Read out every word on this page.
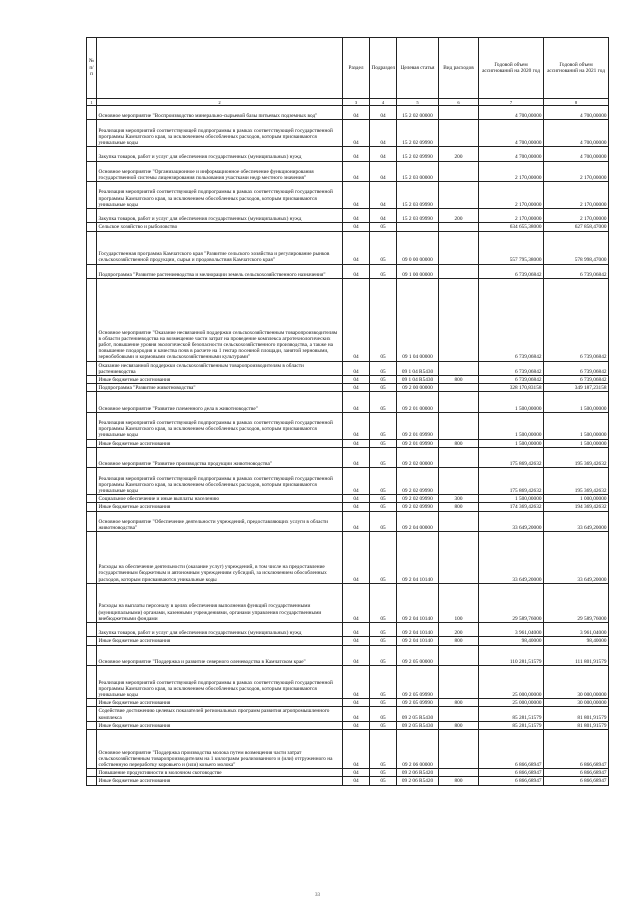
№ п/п		Раздел	Подраздел	Целевая статья	Вид расходов	Годовой объем ассигнований на 2020 год	Годовой объем ассигнований на 2021 год
1	2	3	4	5	6	7	8
	Основное мероприятие "Воспроизводство минерально-сырьевой базы питьевых подземных вод"	04	04	15 2 02 00000		4 700,00000	4 700,00000
	Реализация мероприятий соответствующей подпрограммы в рамках соответствующей государственной программы Камчатского края, за исключением обособленных расходов, которым присваиваются уникальные коды	04	04	15 2 02 09990		4 700,00000	4 700,00000
	Закупка товаров, работ и услуг для обеспечения государственных (муниципальных) нужд	04	04	15 2 02 09990	200	4 700,00000	4 700,00000
	Основное мероприятие "Организационное и информационное обеспечение функционирования государственной системы лицензирования пользования участками недр местного значения"	04	04	15 2 03 00000		2 170,00000	2 170,00000
	Реализация мероприятий соответствующей подпрограммы в рамках соответствующей государственной программы Камчатского края, за исключением обособленных расходов, которым присваиваются уникальные коды	04	04	15 2 03 09990		2 170,00000	2 170,00000
	Закупка товаров, работ и услуг для обеспечения государственных (муниципальных) нужд	04	04	15 2 03 09990	200	2 170,00000	2 170,00000
	Сельское хозяйство и рыболовство	04	05			634 655,38000	627 858,47000
	Государственная программа Камчатского края "Развитие сельского хозяйства и регулирование рынков сельскохозяйственной продукции, сырья и продовольствия Камчатского края"	04	05	09 0 00 00000		557 795,38000	578 998,47000
	Подпрограмма "Развитие растениеводства и мелиорации земель сельскохозяйственного назначения"	04	05	09 1 00 00000		6 739,06842	6 739,06842
	Основное мероприятие "Оказание несвязанной поддержки сельскохозяйственным товаропроизводителям в области растениеводства на возмещение части затрат на проведение комплекса агротехнологических работ, повышение уровня экологической безопасности сельскохозяйственного производства, а также на повышение плодородия и качества почв в расчете на 1 гектар посевной площади, занятой зерновыми, зернобобовыми и кормовыми сельскохозяйственными культурами"	04	05	09 1 04 00000		6 739,06842	6 739,06842
	Оказание несвязанной поддержки сельскохозяйственным товаропроизводителям в области растениеводства	04	05	09 1 04 R5430		6 739,06842	6 739,06842
	Иные бюджетные ассигнования	04	05	09 1 04 R5430	800	6 739,06842	6 739,06842
	Подпрограмма "Развитие животноводства"	04	05	09 2 00 00000		328 170,83158	349 187,23158
	Основное мероприятие "Развитие племенного дела в животноводстве"	04	05	09 2 01 00000		1 500,00000	1 500,00000
	Реализация мероприятий соответствующей подпрограммы в рамках соответствующей государственной программы Камчатского края, за исключением обособленных расходов, которым присваиваются уникальные коды	04	05	09 2 01 09990		1 500,00000	1 500,00000
	Иные бюджетные ассигнования	04	05	09 2 01 09990	800	1 500,00000	1 500,00000
	Основное мероприятие "Развитие производства продукции животноводства"	04	05	09 2 02 00000		175 869,42632	195 369,42632
	Реализация мероприятий соответствующей подпрограммы в рамках соответствующей государственной программы Камчатского края, за исключением обособленных расходов, которым присваиваются уникальные коды	04	05	09 2 02 09990		175 869,42632	195 369,42632
	Социальное обеспечение и иные выплаты населению	04	05	09 2 02 09990	300	1 500,00000	1 000,00000
	Иные бюджетные ассигнования	04	05	09 2 02 09990	800	174 369,42632	194 369,42632
	Основное мероприятие "Обеспечение деятельности учреждений, предоставляющих услуги в области животноводства"	04	05	09 2 04 00000		33 649,20000	33 649,20000
	Расходы на обеспечение деятельности (оказание услуг) учреждений, в том числе на предоставление государственным бюджетным и автономным учреждениям субсидий, за исключением обособленных расходов, которым присваиваются уникальные коды	04	05	09 2 04 10140		33 649,20000	33 649,20000
	Расходы на выплаты персоналу в целях обеспечения выполнения функций государственными (муниципальными) органами, казенными учреждениями, органами управления государственными внебюджетными фондами	04	05	09 2 04 10140	100	29 589,76000	29 589,76000
	Закупка товаров, работ и услуг для обеспечения государственных (муниципальных) нужд	04	05	09 2 04 10140	200	3 961,04000	3 961,04000
	Иные бюджетные ассигнования	04	05	09 2 04 10140	800	98,40000	98,40000
	Основное мероприятие "Поддержка и развитие северного оленеводства в Камчатском крае"	04	05	09 2 05 00000		110 281,51579	111 801,91579
	Реализация мероприятий соответствующей подпрограммы в рамках соответствующей государственной программы Камчатского края, за исключением обособленных расходов, которым присваиваются уникальные коды	04	05	09 2 05 09990		25 000,00000	30 000,00000
	Иные бюджетные ассигнования	04	05	09 2 05 09990	800	25 000,00000	30 000,00000
	Содействие достижению целевых показателей региональных программ развития агропромышленного комплекса	04	05	09 2 05 R5430		85 281,51579	81 801,91579
	Иные бюджетные ассигнования	04	05	09 2 05 R5430	800	85 281,51579	81 801,91579
	Основное мероприятие "Поддержка производства молока путем возмещения части затрат сельскохозяйственным товаропроизводителям на 1 килограмм реализованного и (или) отгруженного на собственную переработку коровьего и (или) козьего молока"	04	05	09 2 06 00000		6 866,68947	6 866,68947
	Повышение продуктивности в молочном скотоводстве	04	05	09 2 06 R5420		6 866,68947	6 866,68947
	Иные бюджетные ассигнования	04	05	09 2 06 R5420	800	6 866,68947	6 866,68947
33
